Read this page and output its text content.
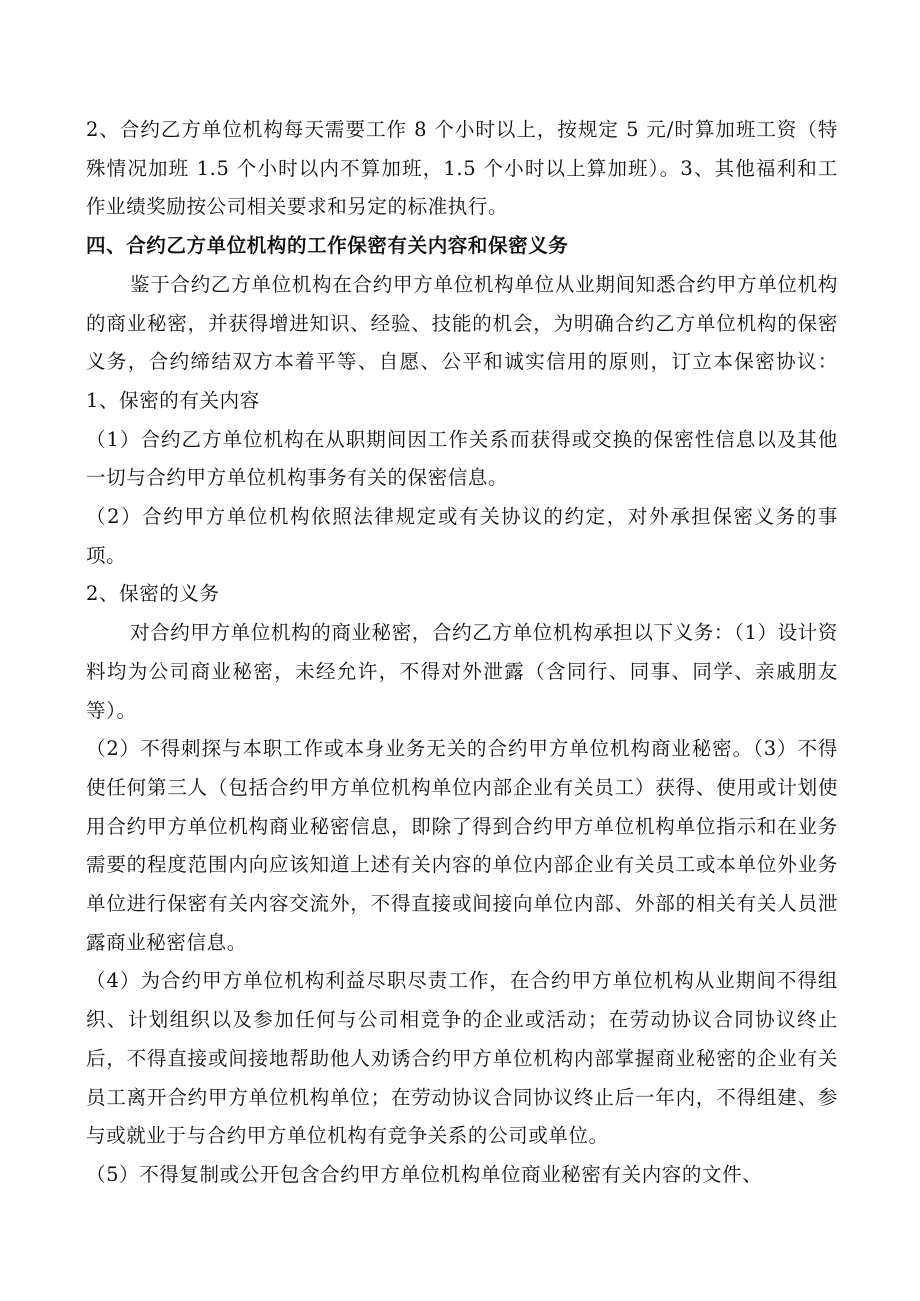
2、合约乙方单位机构每天需要工作 8 个小时以上，按规定 5 元/时算加班工资（特殊情况加班 1.5 个小时以内不算加班，1.5 个小时以上算加班）。3、其他福利和工作业绩奖励按公司相关要求和另定的标准执行。

四、合约乙方单位机构的工作保密有关内容和保密义务

鉴于合约乙方单位机构在合约甲方单位机构单位从业期间知悉合约甲方单位机构的商业秘密，并获得增进知识、经验、技能的机会，为明确合约乙方单位机构的保密义务，合约缔结双方本着平等、自愿、公平和诚实信用的原则，订立本保密协议：1、保密的有关内容

（1）合约乙方单位机构在从职期间因工作关系而获得或交换的保密性信息以及其他一切与合约甲方单位机构事务有关的保密信息。

（2）合约甲方单位机构依照法律规定或有关协议的约定，对外承担保密义务的事项。

2、保密的义务

对合约甲方单位机构的商业秘密，合约乙方单位机构承担以下义务：（1）设计资料均为公司商业秘密，未经允许，不得对外泄露（含同行、同事、同学、亲戚朋友等）。

（2）不得刺探与本职工作或本身业务无关的合约甲方单位机构商业秘密。（3）不得使任何第三人（包括合约甲方单位机构单位内部企业有关员工）获得、使用或计划使用合约甲方单位机构商业秘密信息，即除了得到合约甲方单位机构单位指示和在业务需要的程度范围内向应该知道上述有关内容的单位内部企业有关员工或本单位外业务单位进行保密有关内容交流外，不得直接或间接向单位内部、外部的相关有关人员泄露商业秘密信息。

（4）为合约甲方单位机构利益尽职尽责工作，在合约甲方单位机构从业期间不得组织、计划组织以及参加任何与公司相竞争的企业或活动；在劳动协议合同协议终止后，不得直接或间接地帮助他人劝诱合约甲方单位机构内部掌握商业秘密的企业有关员工离开合约甲方单位机构单位；在劳动协议合同协议终止后一年内，不得组建、参与或就业于与合约甲方单位机构有竞争关系的公司或单位。

（5）不得复制或公开包含合约甲方单位机构单位商业秘密有关内容的文件、
